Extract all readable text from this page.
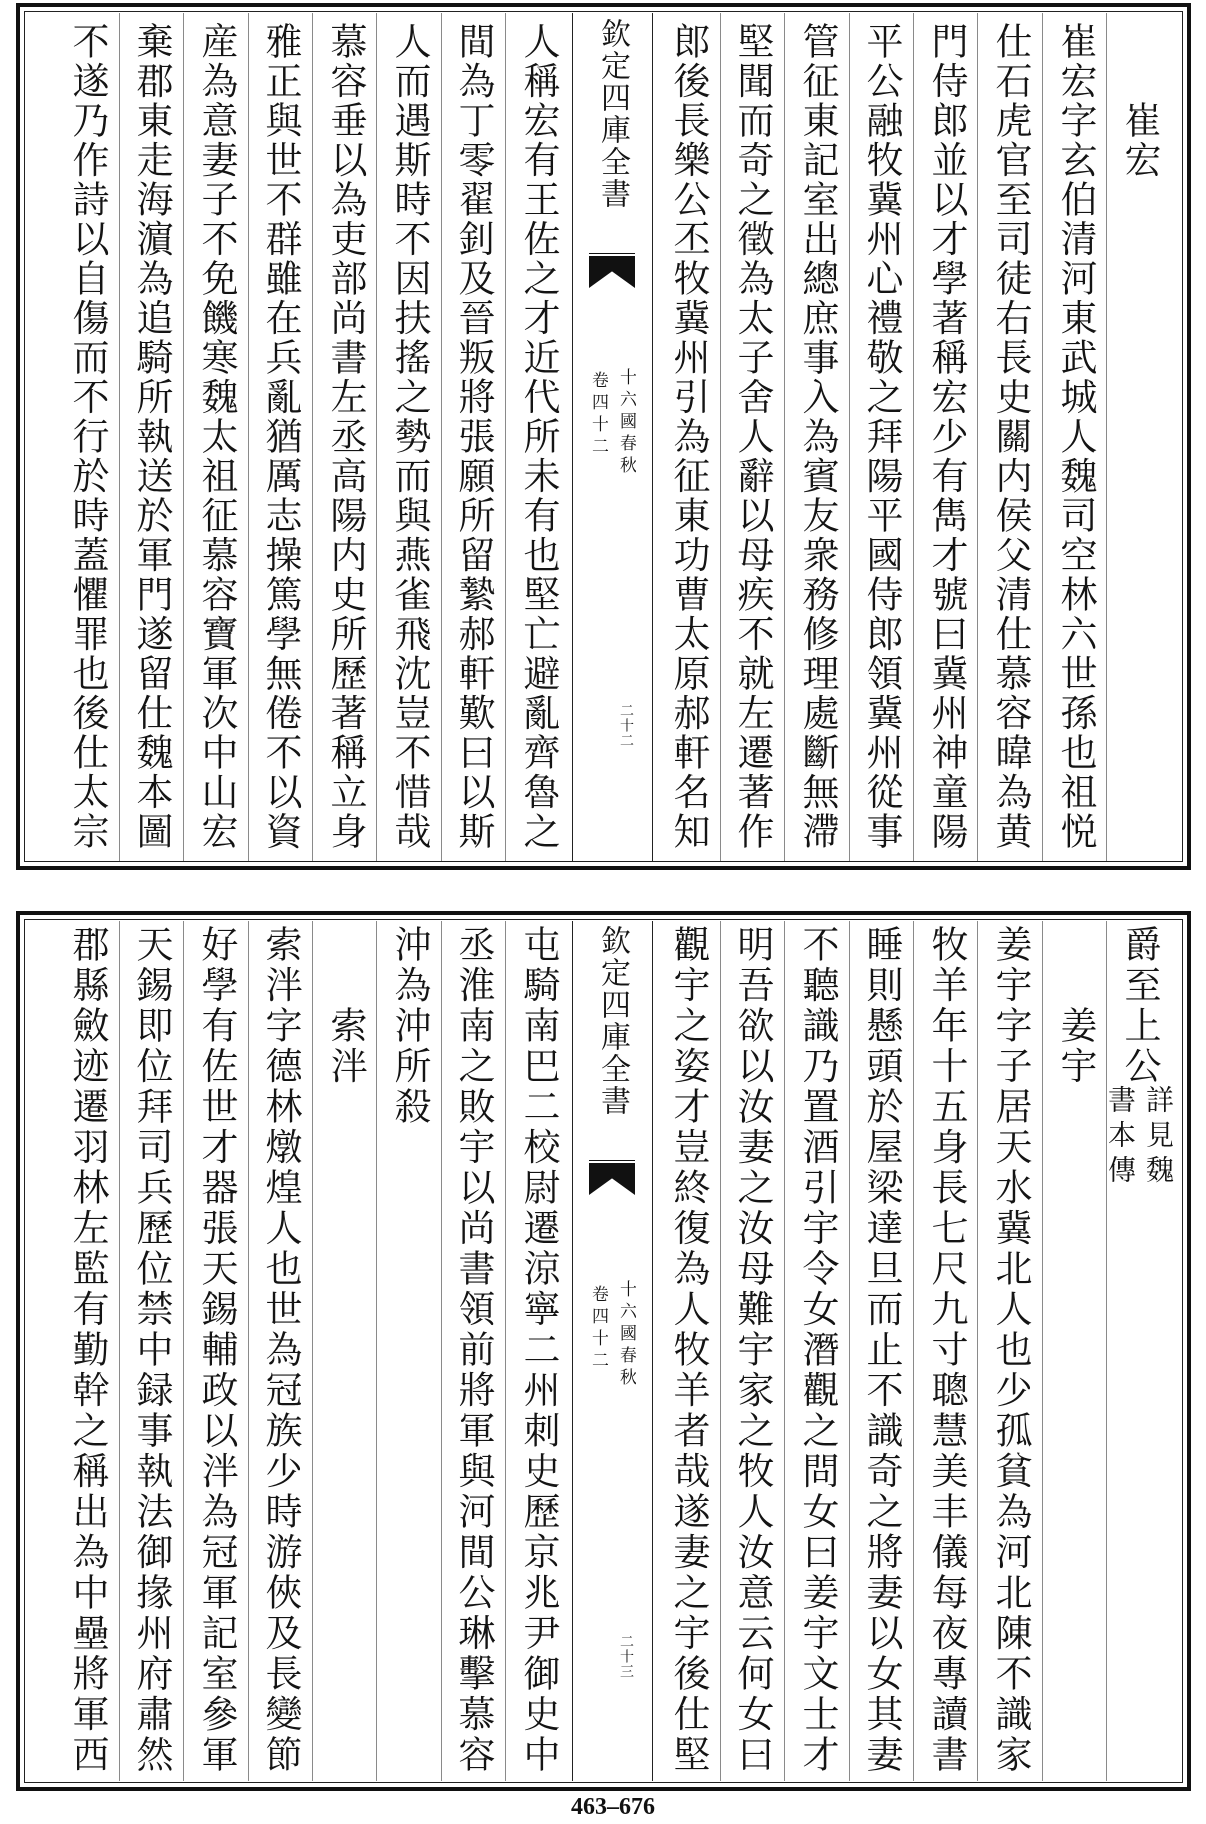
崔宏
崔宏字玄伯清河東武城人魏司空林六世孫也祖悦
仕石虎官至司徒右長史關内侯父清仕慕容暐為黄
門侍郎並以才學著稱宏少有雋才號曰冀州神童陽
平公融牧冀州心禮敬之拜陽平國侍郎領冀州從事
管征東記室出總庶事入為賓友衆務修理處斷無滯
堅聞而奇之徵為太子舍人辭以母疾不就左遷著作
郎後長樂公丕牧冀州引為征東功曹太原郝軒名知
欽定四庫全書
十六國春秋
卷四十二
二十二
人稱宏有王佐之才近代所未有也堅亡避亂齊魯之
間為丁零翟釗及晉叛將張願所留縶郝軒歎曰以斯
人而遇斯時不因扶搖之勢而與燕雀飛沈豈不惜哉
慕容垂以為吏部尚書左丞高陽内史所歷著稱立身
雅正與世不群雖在兵亂猶厲志操篤學無倦不以資
産為意妻子不免饑寒魏太祖征慕容寶軍次中山宏
棄郡東走海濵為追騎所執送於軍門遂留仕魏本圖
不遂乃作詩以自傷而不行於時蓋懼罪也後仕太宗
爵至上公
詳見魏
書本傳
姜宇
姜宇字子居天水冀北人也少孤貧為河北陳不識家
牧羊年十五身長七尺九寸聰慧美丰儀每夜專讀書
睡則懸頭於屋梁達旦而止不識奇之將妻以女其妻
不聽識乃置酒引宇令女潛觀之問女曰姜宇文士才
明吾欲以汝妻之汝母難宇家之牧人汝意云何女曰
觀宇之姿才豈終復為人牧羊者哉遂妻之宇後仕堅
欽定四庫全書
十六國春秋
卷四十二
二十三
屯騎南巴二校尉遷涼寧二州刺史歷京兆尹御史中
丞淮南之敗宇以尚書領前將軍與河間公琳擊慕容
沖為沖所殺
索泮
索泮字德林燉煌人也世為冠族少時游俠及長變節
好學有佐世才器張天錫輔政以泮為冠軍記室參軍
天錫即位拜司兵歷位禁中録事執法御掾州府肅然
郡縣斂迹遷羽林左監有勤幹之稱出為中壘將軍西
463–676
